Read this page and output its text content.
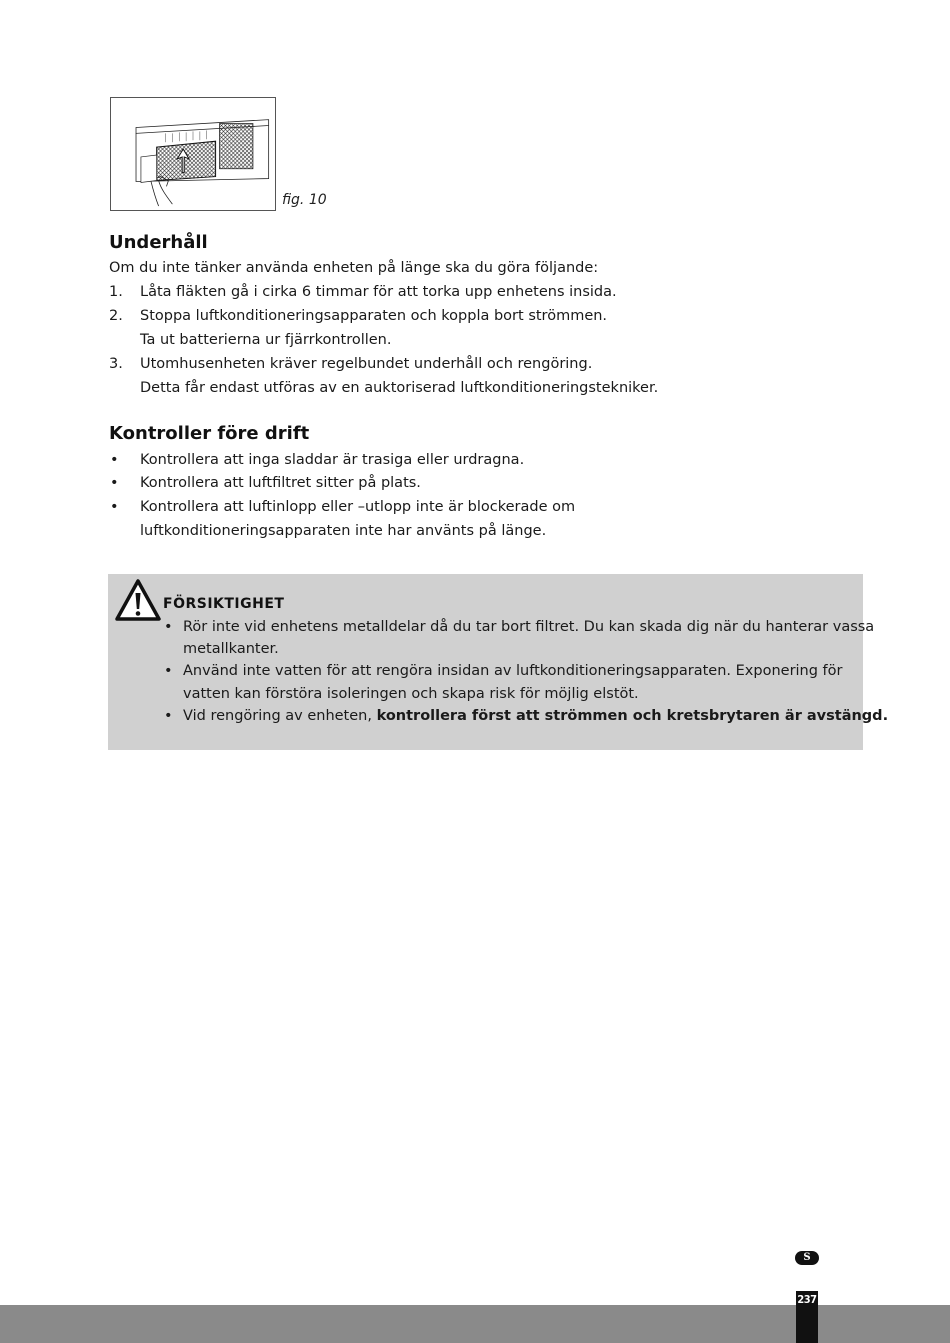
fig. 10
Underhåll
Om du inte tänker använda enheten på länge ska du göra följande:
1. Låta fläkten gå i cirka 6 timmar för att torka upp enhetens insida.
2. Stoppa luftkonditioneringsapparaten och koppla bort strömmen.
Ta ut batterierna ur fjärrkontrollen.
3. Utomhusenheten kräver regelbundet underhåll och rengöring.
Detta får endast utföras av en auktoriserad luftkonditioneringstekniker.
Kontroller före drift
• Kontrollera att inga sladdar är trasiga eller urdragna.
• Kontrollera att luftfiltret sitter på plats.
• Kontrollera att luftinlopp eller –utlopp inte är blockerade om
luftkonditioneringsapparaten inte har använts på länge.
FÖRSIKTIGHET
• Rör inte vid enhetens metalldelar då du tar bort filtret. Du kan skada dig när du hanterar vassa
metallkanter.
• Använd inte vatten för att rengöra insidan av luftkonditioneringsapparaten. Exponering för
vatten kan förstöra isoleringen och skapa risk för möjlig elstöt.
• Vid rengöring av enheten, kontrollera först att strömmen och kretsbrytaren är avstängd.
S
237
